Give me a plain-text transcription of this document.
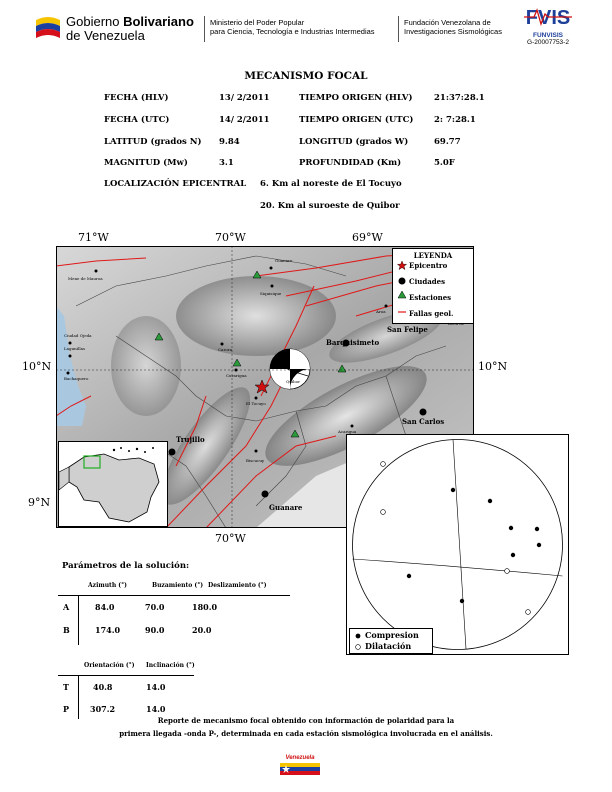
Gobierno Bolivariano
de Venezuela
Ministerio del Poder Popular
para Ciencia, Tecnología e Industrias Intermedias
Fundación Venezolana de
Investigaciones Sismológicas
FVIS
FUNVISIS
G-20007753-2
MECANISMO FOCAL
FECHA (HLV)	13/ 2/2011	TIEMPO ORIGEN (HLV)	21:37:28.1
FECHA (UTC)	14/ 2/2011	TIEMPO ORIGEN (UTC) 2: 7:28.1
LATITUD (grados N) 9.84	LONGITUD (grados W)	69.77
MAGNITUD (Mw)	3.1	PROFUNDIDAD (Km)	5.0F
LOCALIZACIÓN EPICENTRAL 6. Km al noreste de El Tocuyo
20. Km al suroeste de Quibor
71°W	70°W	69°W
70°W
10°N	10°N
9°N
Guanare
Mene de Mauroa
Siquisique
Aroa
Ciudad Ojeda
Lagunillas	Carora
Curarigua
Quibor
El Tocuyo
Bachaquero
Acarigua
Biscucuy
Barquisimeto
San Felipe
San Carlos
Trujillo
Guanare
LEYENDA
Epicentro
Ciudades
Estaciones
Fallas geol.
Compresion
Dilatación
Parámetros de la solución:
Azimuth (°)	Buzamiento (°) Deslizamiento (°)
A	84.0	70.0	180.0
B	174.0	90.0	20.0
Orientación (°) Inclinación (°)
T	40.8	14.0
P	307.2	14.0
Reporte de mecanismo focal obtenido con información de polaridad para la
primera llegada -onda P-, determinada en cada estación sismológica involucrada en el análisis.
Venezuela
